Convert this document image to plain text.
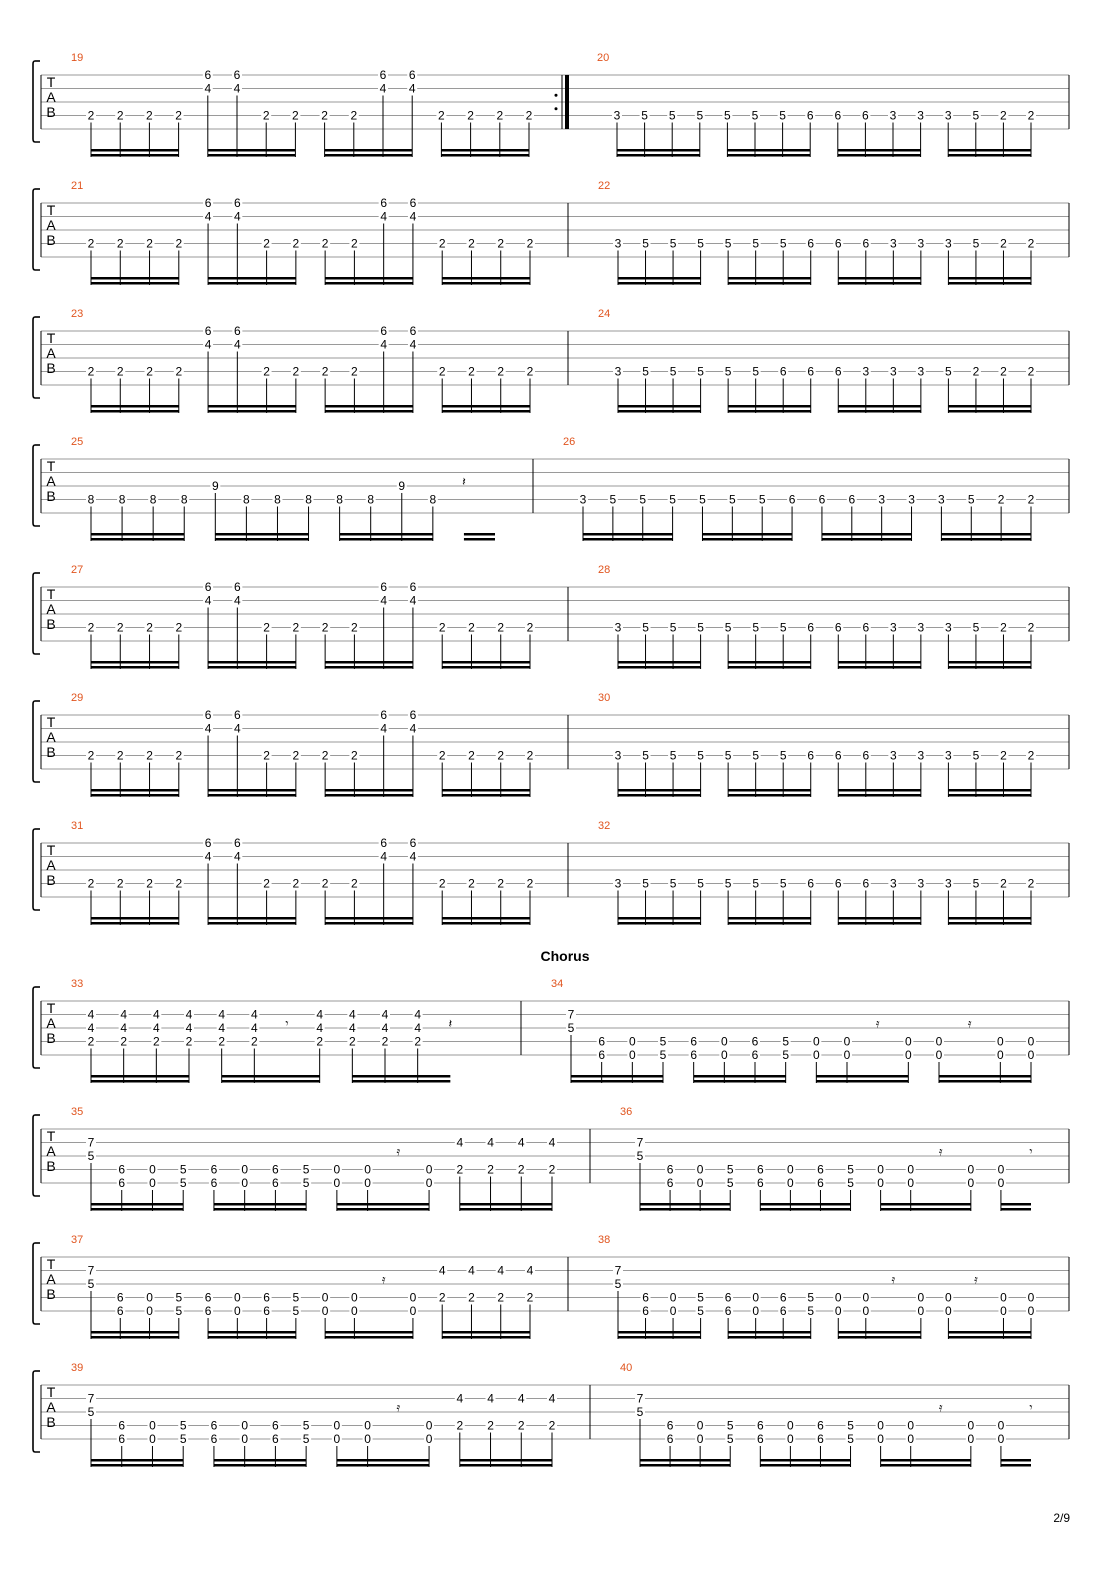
T
A
B
19
2 2 2 2
6
4
6
4
2 2 2 2
6
4
6
4
2 2 2 2
20
3 5 5 5 5 5 5 6 6 6 3 3 3 5 2 2
T
A
B
21
2 2 2 2
6
4
6
4
2 2 2 2
6
4
6
4
2 2 2 2
22
3 5 5 5 5 5 5 6 6 6 3 3 3 5 2 2
T
A
B
23
2 2 2 2
6
4
6
4
2 2 2 2
6
4
6
4
2 2 2 2
24
3 5 5 5 5 5 6 6 6 3 3 3 5 2 2 2
T
A
B
25
8 8 8 8
9
8 8 8 8 8
9
8
𝄽
26
3 5 5 5 5 5 5 6 6 6 3 3 3 5 2 2
T
A
B
27
2 2 2 2
6
4
6
4
2 2 2 2
6
4
6
4
2 2 2 2
28
3 5 5 5 5 5 5 6 6 6 3 3 3 5 2 2
T
A
B
29
2 2 2 2
6
4
6
4
2 2 2 2
6
4
6
4
2 2 2 2
30
3 5 5 5 5 5 5 6 6 6 3 3 3 5 2 2
T
A
B
31
2 2 2 2
6
4
6
4
2 2 2 2
6
4
6
4
2 2 2 2
32
3 5 5 5 5 5 5 6 6 6 3 3 3 5 2 2
T
A
B
Chorus
33
4
4
2
4
4
2
4
4
2
4
4
2
4
4
2
4
4
2
𝄾
4
4
2
4
4
2
4
4
2
4
4
2
𝄽
34
7
5
6
6
0
0
5
5
6
6
0
0
6
6
5
5
0
0
0
0
𝄿
0
0
0
0
𝄿
0
0
0
0
T
A
B
35
7
5
6
6
0
0
5
5
6
6
0
0
6
6
5
5
0
0
0
0
𝄿
0
0
4
2
4
2
4
2
4
2
36
7
5
6
6
0
0
5
5
6
6
0
0
6
6
5
5
0
0
0
0
𝄿
0
0
0
0
𝄾
T
A
B
37
7
5
6
6
0
0
5
5
6
6
0
0
6
6
5
5
0
0
0
0
𝄿
0
0
4
2
4
2
4
2
4
2
38
7
5
6
6
0
0
5
5
6
6
0
0
6
6
5
5
0
0
0
0
𝄿
0
0
0
0
𝄿
0
0
0
0
T
A
B
39
7
5
6
6
0
0
5
5
6
6
0
0
6
6
5
5
0
0
0
0
𝄿
0
0
4
2
4
2
4
2
4
2
40
7
5
6
6
0
0
5
5
6
6
0
0
6
6
5
5
0
0
0
0
𝄿
0
0
0
0
𝄾
2/9
